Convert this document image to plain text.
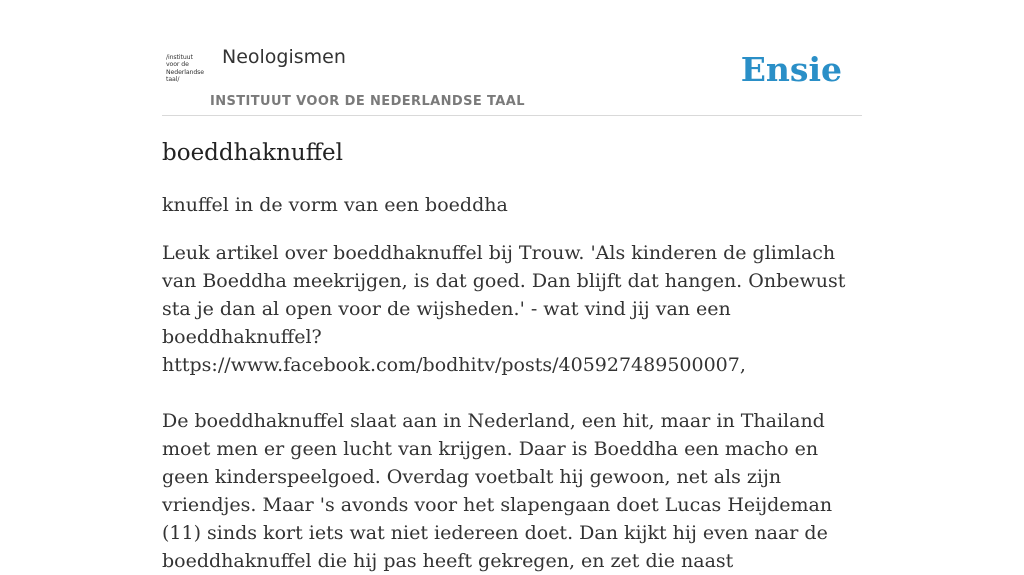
/instituut
voor de
Nederlandse
taal/
Neologismen
INSTITUUT VOOR DE NEDERLANDSE TAAL
Ensie
boeddhaknuffel

knuffel in de vorm van een boeddha

Leuk artikel over boeddhaknuffel bij Trouw. 'Als kinderen de glimlach van Boeddha meekrijgen, is dat goed. Dan blijft dat hangen. Onbewust sta je dan al open voor de wijsheden.' - wat vind jij van een boeddhaknuffel? https://www.facebook.com/bodhitv/posts/405927489500007,

De boeddhaknuffel slaat aan in Nederland, een hit, maar in Thailand moet men er geen lucht van krijgen. Daar is Boeddha een macho en geen kinderspeelgoed. Overdag voetbalt hij gewoon, net als zijn vriendjes. Maar 's avonds voor het slapengaan doet Lucas Heijdeman (11) sinds kort iets wat niet iedereen doet. Dan kijkt hij even naar de boeddhaknuffel die hij pas heeft gekregen, en zet die naast
